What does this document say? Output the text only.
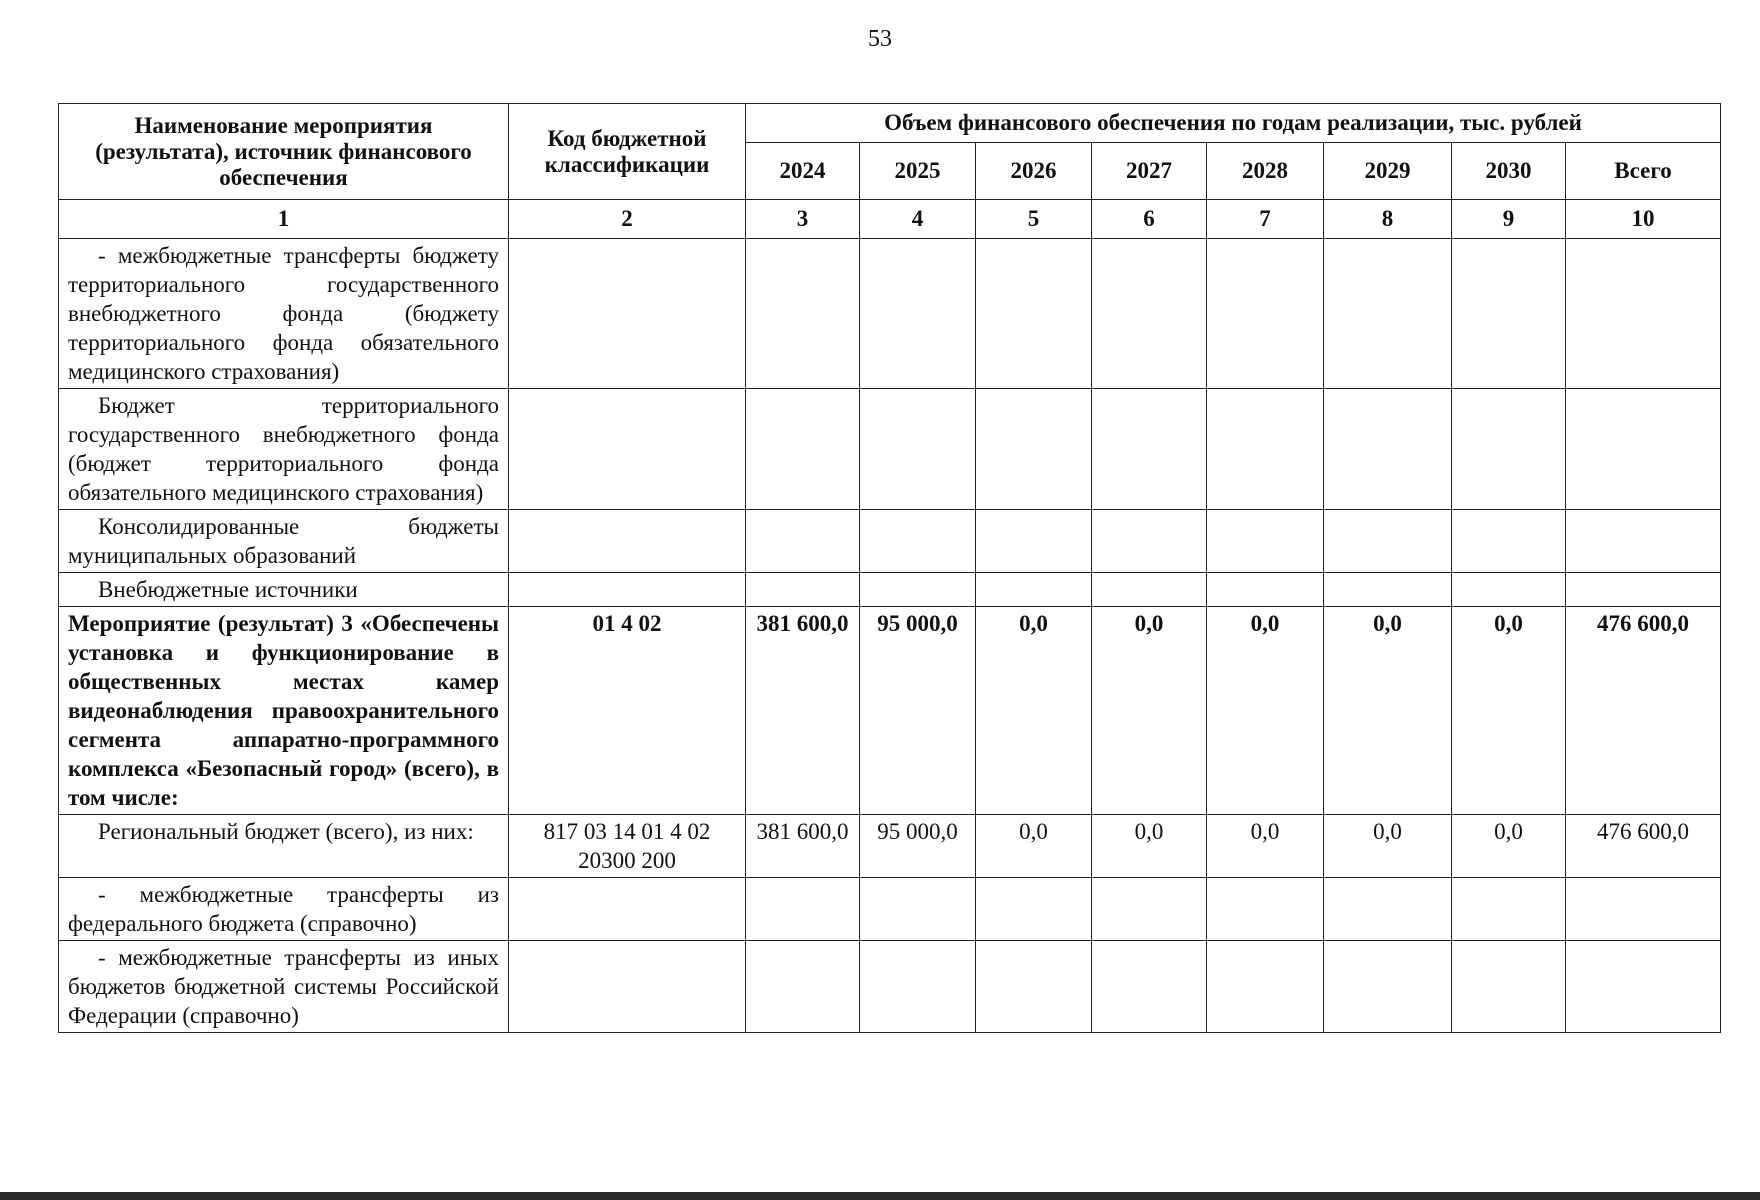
53
Наименование мероприятия (результата), источник финансового обеспечения	Код бюджетной классификации	Объем финансового обеспечения по годам реализации, тыс. рублей							
		2024	2025	2026	2027	2028	2029	2030	Всего
1	2	3	4	5	6	7	8	9	10
- межбюджетные трансферты бюджету территориального государственного внебюджетного фонда (бюджету территориального фонда обязательного медицинского страхования)									
Бюджет территориального государственного внебюджетного фонда (бюджет территориального фонда обязательного медицинского страхования)									
Консолидированные бюджеты муниципальных образований									
Внебюджетные источники									
Мероприятие (результат) 3 «Обеспечены установка и функционирование в общественных местах камер видеонаблюдения правоохранительного сегмента аппаратно-программного комплекса «Безопасный город» (всего), в том числе:	01 4 02	381 600,0	95 000,0	0,0	0,0	0,0	0,0	0,0	476 600,0
Региональный бюджет (всего), из них:	817 03 14 01 4 02 20300 200	381 600,0	95 000,0	0,0	0,0	0,0	0,0	0,0	476 600,0
- межбюджетные трансферты из федерального бюджета (справочно)									
- межбюджетные трансферты из иных бюджетов бюджетной системы Российской Федерации (справочно)									
